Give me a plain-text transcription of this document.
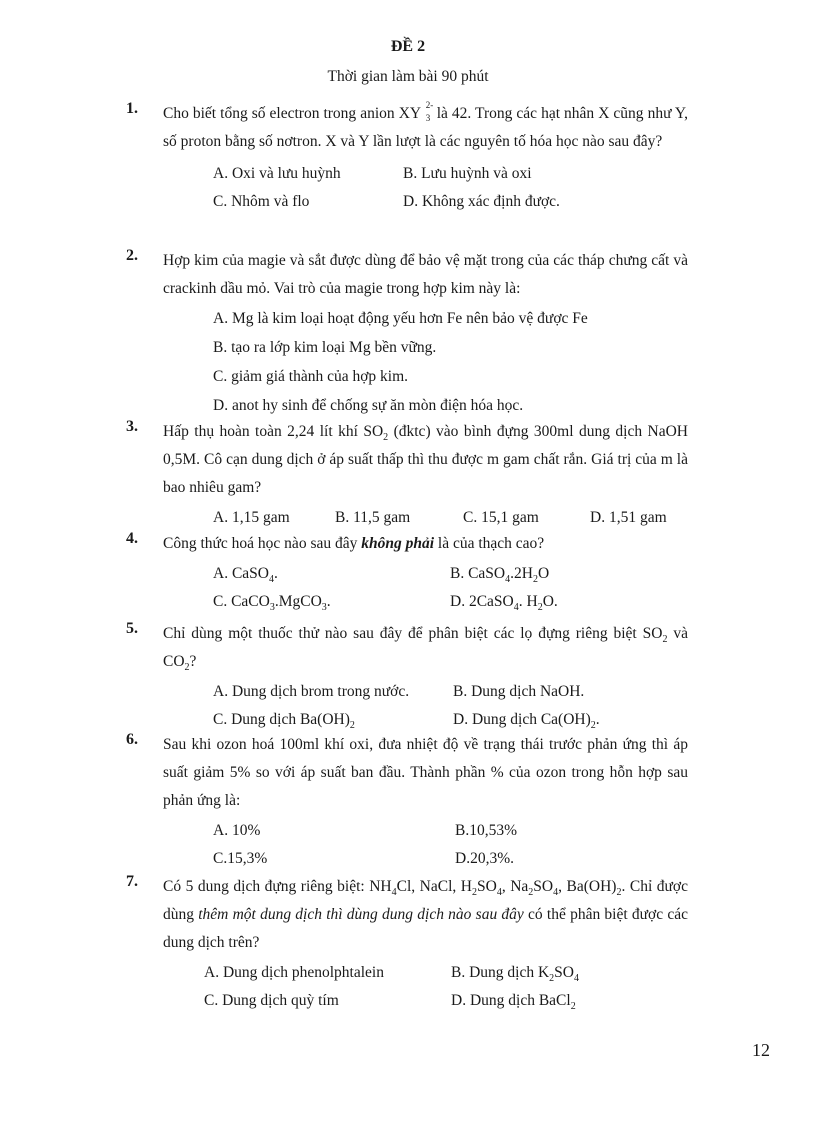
ĐỀ 2
Thời gian làm bài 90 phút
1.	Cho biết tổng số electron trong anion XY 2-
3 là 42. Trong các hạt nhân X cũng như Y, số proton bằng số nơtron. X và Y lần lượt là các nguyên tố hóa học nào sau đây?
A. Oxi và lưu huỳnh	B. Lưu huỳnh và oxi
C. Nhôm và flo	D. Không xác định được.
2.	Hợp kim của magie và sắt được dùng để bảo vệ mặt trong của các tháp chưng cất và crackinh dầu mỏ. Vai trò của magie trong hợp kim này là:
A. Mg là kim loại hoạt động yếu hơn Fe nên bảo vệ được Fe
B. tạo ra lớp kim loại Mg bền vững.
C. giảm giá thành của hợp kim.
D. anot hy sinh để chống sự ăn mòn điện hóa học.
3.	Hấp thụ hoàn toàn 2,24 lít khí $SO_2$ (đktc) vào bình đựng 300ml dung dịch NaOH 0,5M. Cô cạn dung dịch ở áp suất thấp thì thu được m gam chất rắn. Giá trị của m là bao nhiêu gam?
A. 1,15 gam	B. 11,5 gam	C. 15,1 gam	D. 1,51 gam
4.	Công thức hoá học nào sau đây không phải là của thạch cao?
A. CaSO$_4$.	B. $CaSO_4.2H_2O$
C. CaCO$_3$.MgCO$_3$.	D. 2CaSO$_4$. $H_2O$.
5.	Chỉ dùng một thuốc thử nào sau đây để phân biệt các lọ đựng riêng biệt $SO_2$ và $CO_2$?
A. Dung dịch brom trong nước.	B. Dung dịch NaOH.
C. Dung dịch $Ba(OH)_2$	D. Dung dịch $Ca(OH)_2$.
6.	Sau khi ozon hoá 100ml khí oxi, đưa nhiệt độ về trạng thái trước phản ứng thì áp suất giảm 5% so với áp suất ban đầu. Thành phần % của ozon trong hỗn hợp sau phản ứng là:
A. 10%	B.10,53%
C.15,3%	D.20,3%.
7.	Có 5 dung dịch đựng riêng biệt: $NH_4Cl$, NaCl, $H_2SO_4$, $Na_2SO_4$, $Ba(OH)_2$. Chỉ được dùng thêm một dung dịch thì dùng dung dịch nào sau đây có thể phân biệt được các dung dịch trên?
A. Dung dịch phenolphtalein	B. Dung dịch $K_2SO_4$
C. Dung dịch quỳ tím	D. Dung dịch BaCl$_2$
12
